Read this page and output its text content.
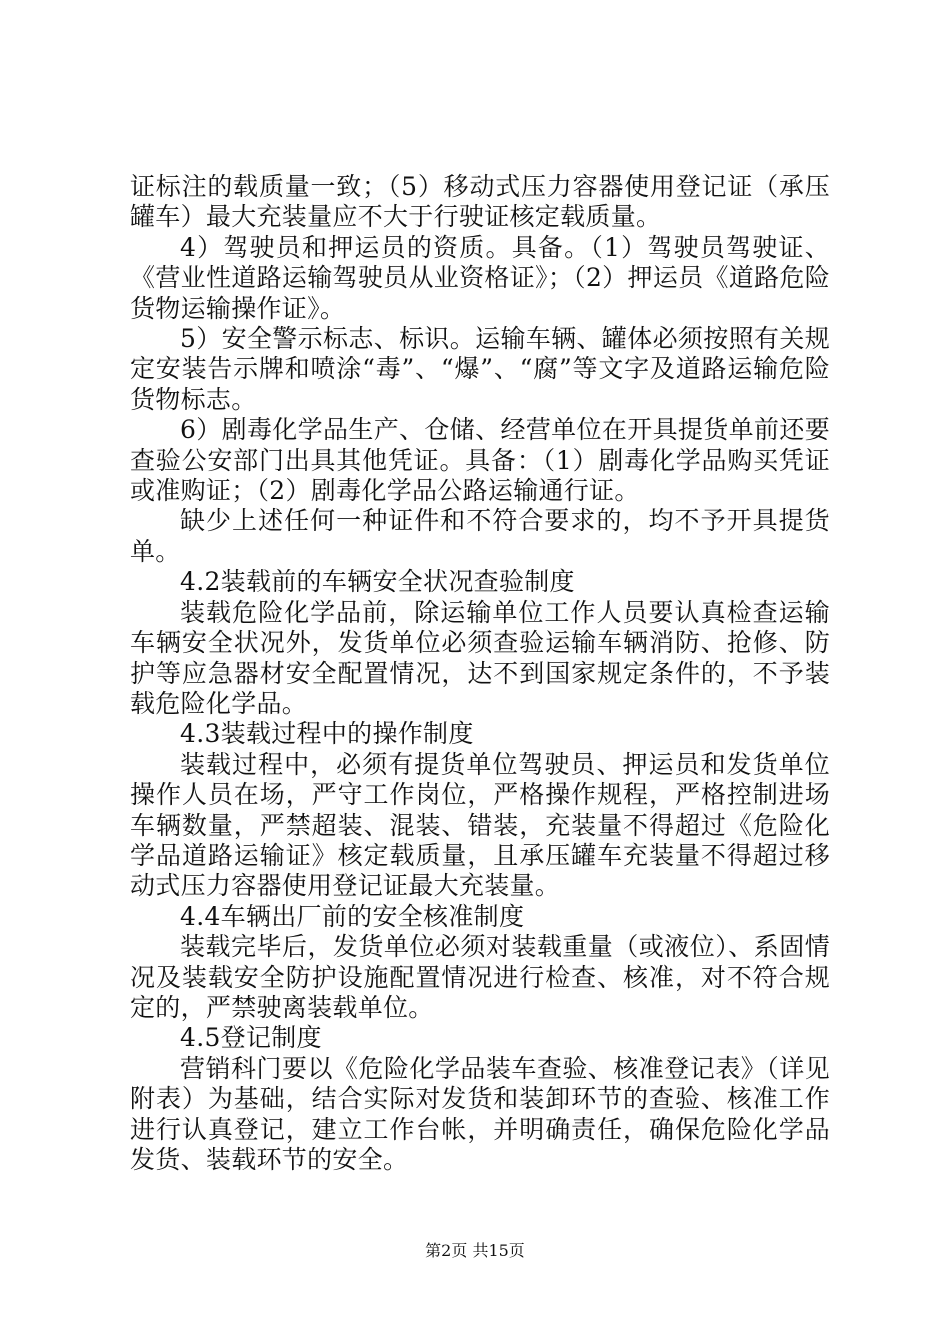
证标注的载质量一致；（5）移动式压力容器使用登记证（承压罐车）最大充装量应不大于行驶证核定载质量。

4）驾驶员和押运员的资质。具备。（1）驾驶员驾驶证、《营业性道路运输驾驶员从业资格证》；（2）押运员《道路危险货物运输操作证》。

5）安全警示标志、标识。运输车辆、罐体必须按照有关规定安装告示牌和喷涂“毒”、“爆”、“腐”等文字及道路运输危险货物标志。

6）剧毒化学品生产、仓储、经营单位在开具提货单前还要查验公安部门出具其他凭证。具备：（1）剧毒化学品购买凭证或准购证；（2）剧毒化学品公路运输通行证。

缺少上述任何一种证件和不符合要求的，均不予开具提货单。

4.2装载前的车辆安全状况查验制度

装载危险化学品前，除运输单位工作人员要认真检查运输车辆安全状况外，发货单位必须查验运输车辆消防、抢修、防护等应急器材安全配置情况，达不到国家规定条件的，不予装载危险化学品。

4.3装载过程中的操作制度

装载过程中，必须有提货单位驾驶员、押运员和发货单位操作人员在场，严守工作岗位，严格操作规程，严格控制进场车辆数量，严禁超装、混装、错装，充装量不得超过《危险化学品道路运输证》核定载质量，且承压罐车充装量不得超过移动式压力容器使用登记证最大充装量。

4.4车辆出厂前的安全核准制度

装载完毕后，发货单位必须对装载重量（或液位）、系固情况及装载安全防护设施配置情况进行检查、核准，对不符合规定的，严禁驶离装载单位。

4.5登记制度

营销科门要以《危险化学品装车查验、核准登记表》（详见附表）为基础，结合实际对发货和装卸环节的查验、核准工作进行认真登记，建立工作台帐，并明确责任，确保危险化学品发货、装载环节的安全。

第2页 共15页
